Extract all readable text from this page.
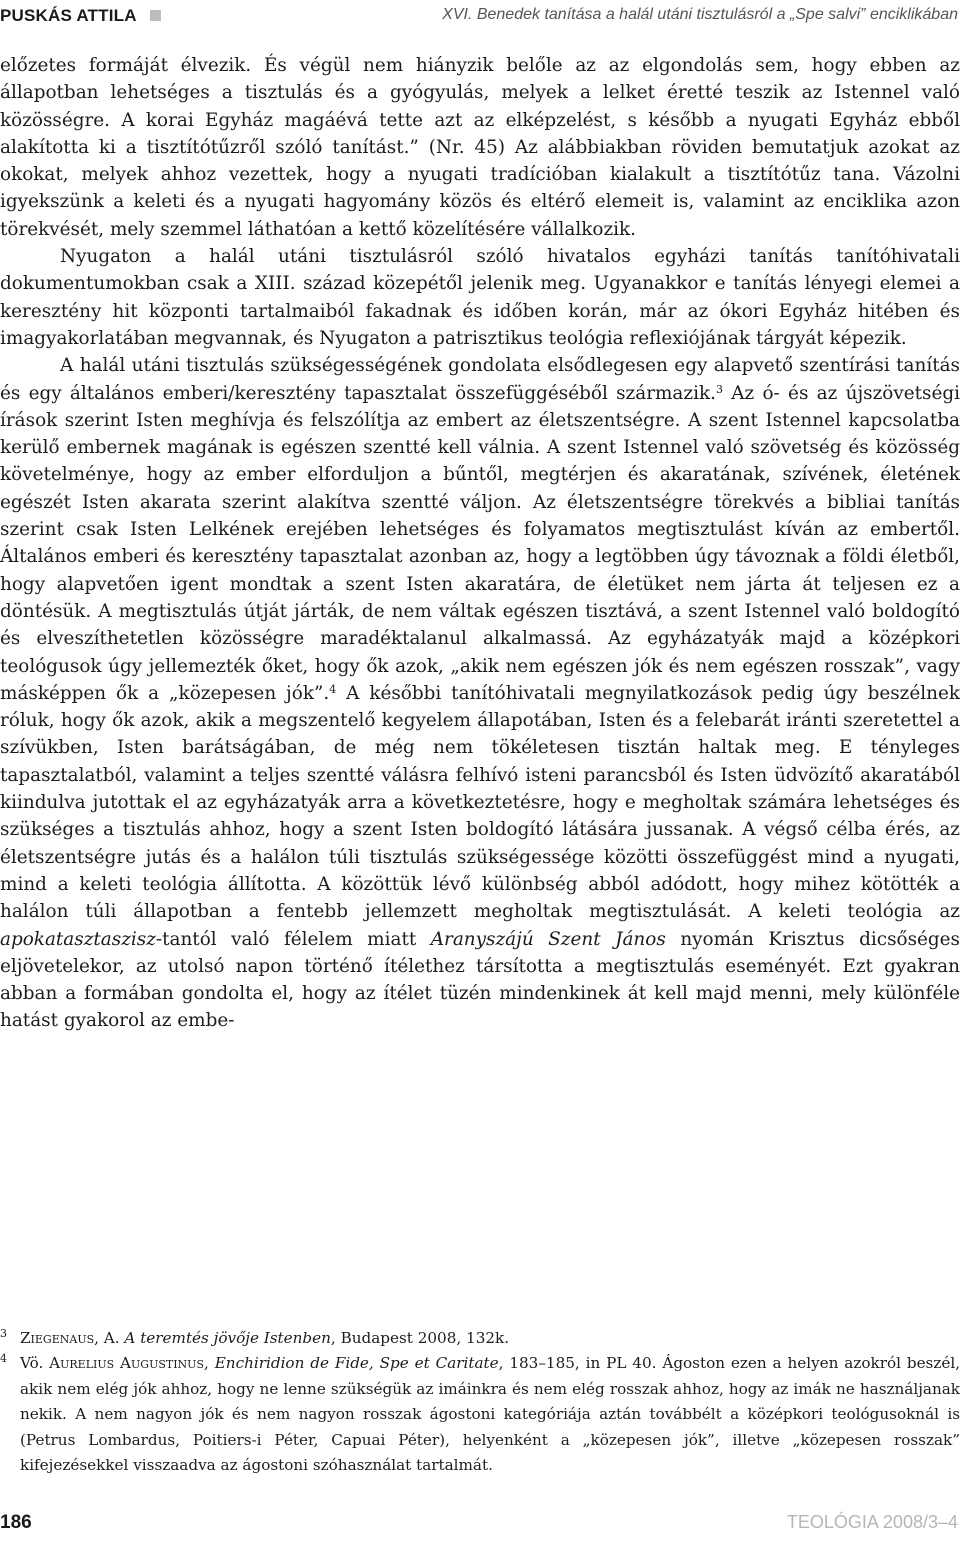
PUSKÁS ATTILA	XVI. Benedek tanítása a halál utáni tisztulásról a „Spe salvi” enciklikában

előzetes formáját élvezik. És végül nem hiányzik belőle az az elgondolás sem, hogy ebben az állapotban lehetséges a tisztulás és a gyógyulás, melyek a lelket éretté teszik az Istennel való közösségre. A korai Egyház magáévá tette azt az elképzelést, s később a nyugati Egyház ebből alakította ki a tisztítótűzről szóló tanítást.” (Nr. 45) Az alábbiakban röviden bemutatjuk azokat az okokat, melyek ahhoz vezettek, hogy a nyugati tradícióban kialakult a tisztítótűz tana. Vázolni igyekszünk a keleti és a nyugati hagyomány közös és eltérő elemeit is, valamint az enciklika azon törekvését, mely szemmel láthatóan a kettő közelítésére vállalkozik.

Nyugaton a halál utáni tisztulásról szóló hivatalos egyházi tanítás tanítóhivatali dokumentumokban csak a XIII. század közepétől jelenik meg. Ugyanakkor e tanítás lényegi elemei a keresztény hit központi tartalmaiból fakadnak és időben korán, már az ókori Egyház hitében és imagyakorlatában megvannak, és Nyugaton a patrisztikus teológia reflexiójának tárgyát képezik.

A halál utáni tisztulás szükségességének gondolata elsődlegesen egy alapvető szentírási tanítás és egy általános emberi/keresztény tapasztalat összefüggéséből származik.$^3$ Az ó- és az újszövetségi írások szerint Isten meghívja és felszólítja az embert az életszentségre. A szent Istennel kapcsolatba kerülő embernek magának is egészen szentté kell válnia. A szent Istennel való szövetség és közösség követelménye, hogy az ember elforduljon a bűntől, megtérjen és akaratának, szívének, életének egészét Isten akarata szerint alakítva szentté váljon. Az életszentségre törekvés a bibliai tanítás szerint csak Isten Lelkének erejében lehetséges és folyamatos megtisztulást kíván az embertől. Általános emberi és keresztény tapasztalat azonban az, hogy a legtöbben úgy távoznak a földi életből, hogy alapvetően igent mondtak a szent Isten akaratára, de életüket nem járta át teljesen ez a döntésük. A megtisztulás útját járták, de nem váltak egészen tisztává, a szent Istennel való boldogító és elveszíthetetlen közösségre maradéktalanul alkalmassá. Az egyházatyák majd a középkori teológusok úgy jellemezték őket, hogy ők azok, „akik nem egészen jók és nem egészen rosszak”, vagy másképpen ők a „közepesen jók”.$^4$ A későbbi tanítóhivatali megnyilatkozások pedig úgy beszélnek róluk, hogy ők azok, akik a megszentelő kegyelem állapotában, Isten és a felebarát iránti szeretettel a szívükben, Isten barátságában, de még nem tökéletesen tisztán haltak meg. E tényleges tapasztalatból, valamint a teljes szentté válásra felhívó isteni parancsból és Isten üdvözítő akaratából kiindulva jutottak el az egyházatyák arra a következtetésre, hogy e megholtak számára lehetséges és szükséges a tisztulás ahhoz, hogy a szent Isten boldogító látására jussanak. A végső célba érés, az életszentségre jutás és a halálon túli tisztulás szükségessége közötti összefüggést mind a nyugati, mind a keleti teológia állította. A közöttük lévő különbség abból adódott, hogy mihez kötötték a halálon túli állapotban a fentebb jellemzett megholtak megtisztulását. A keleti teológia az apokatasztaszisz-tantól való félelem miatt Aranyszájú Szent János nyomán Krisztus dicsőséges eljövetelekor, az utolsó napon történő ítélethez társította a megtisztulás eseményét. Ezt gyakran abban a formában gondolta el, hogy az ítélet tüzén mindenkinek át kell majd menni, mely különféle hatást gyakorol az embe-

3 Ziegenaus, A. A teremtés jövője Istenben, Budapest 2008, 132k.

4 Vö. Aurelius Augustinus, Enchiridion de Fide, Spe et Caritate, 183–185, in PL 40. Ágoston ezen a helyen azokról beszél, akik nem elég jók ahhoz, hogy ne lenne szükségük az imáinkra és nem elég rosszak ahhoz, hogy az imák ne használjanak nekik. A nem nagyon jók és nem nagyon rosszak ágostoni kategóriája aztán továbbélt a középkori teológusoknál is (Petrus Lombardus, Poitiers-i Péter, Capuai Péter), helyenként a „közepesen jók”, illetve „közepesen rosszak” kifejezésekkel visszaadva az ágostoni szóhasználat tartalmát.

186	TEOLÓGIA 2008/3–4
